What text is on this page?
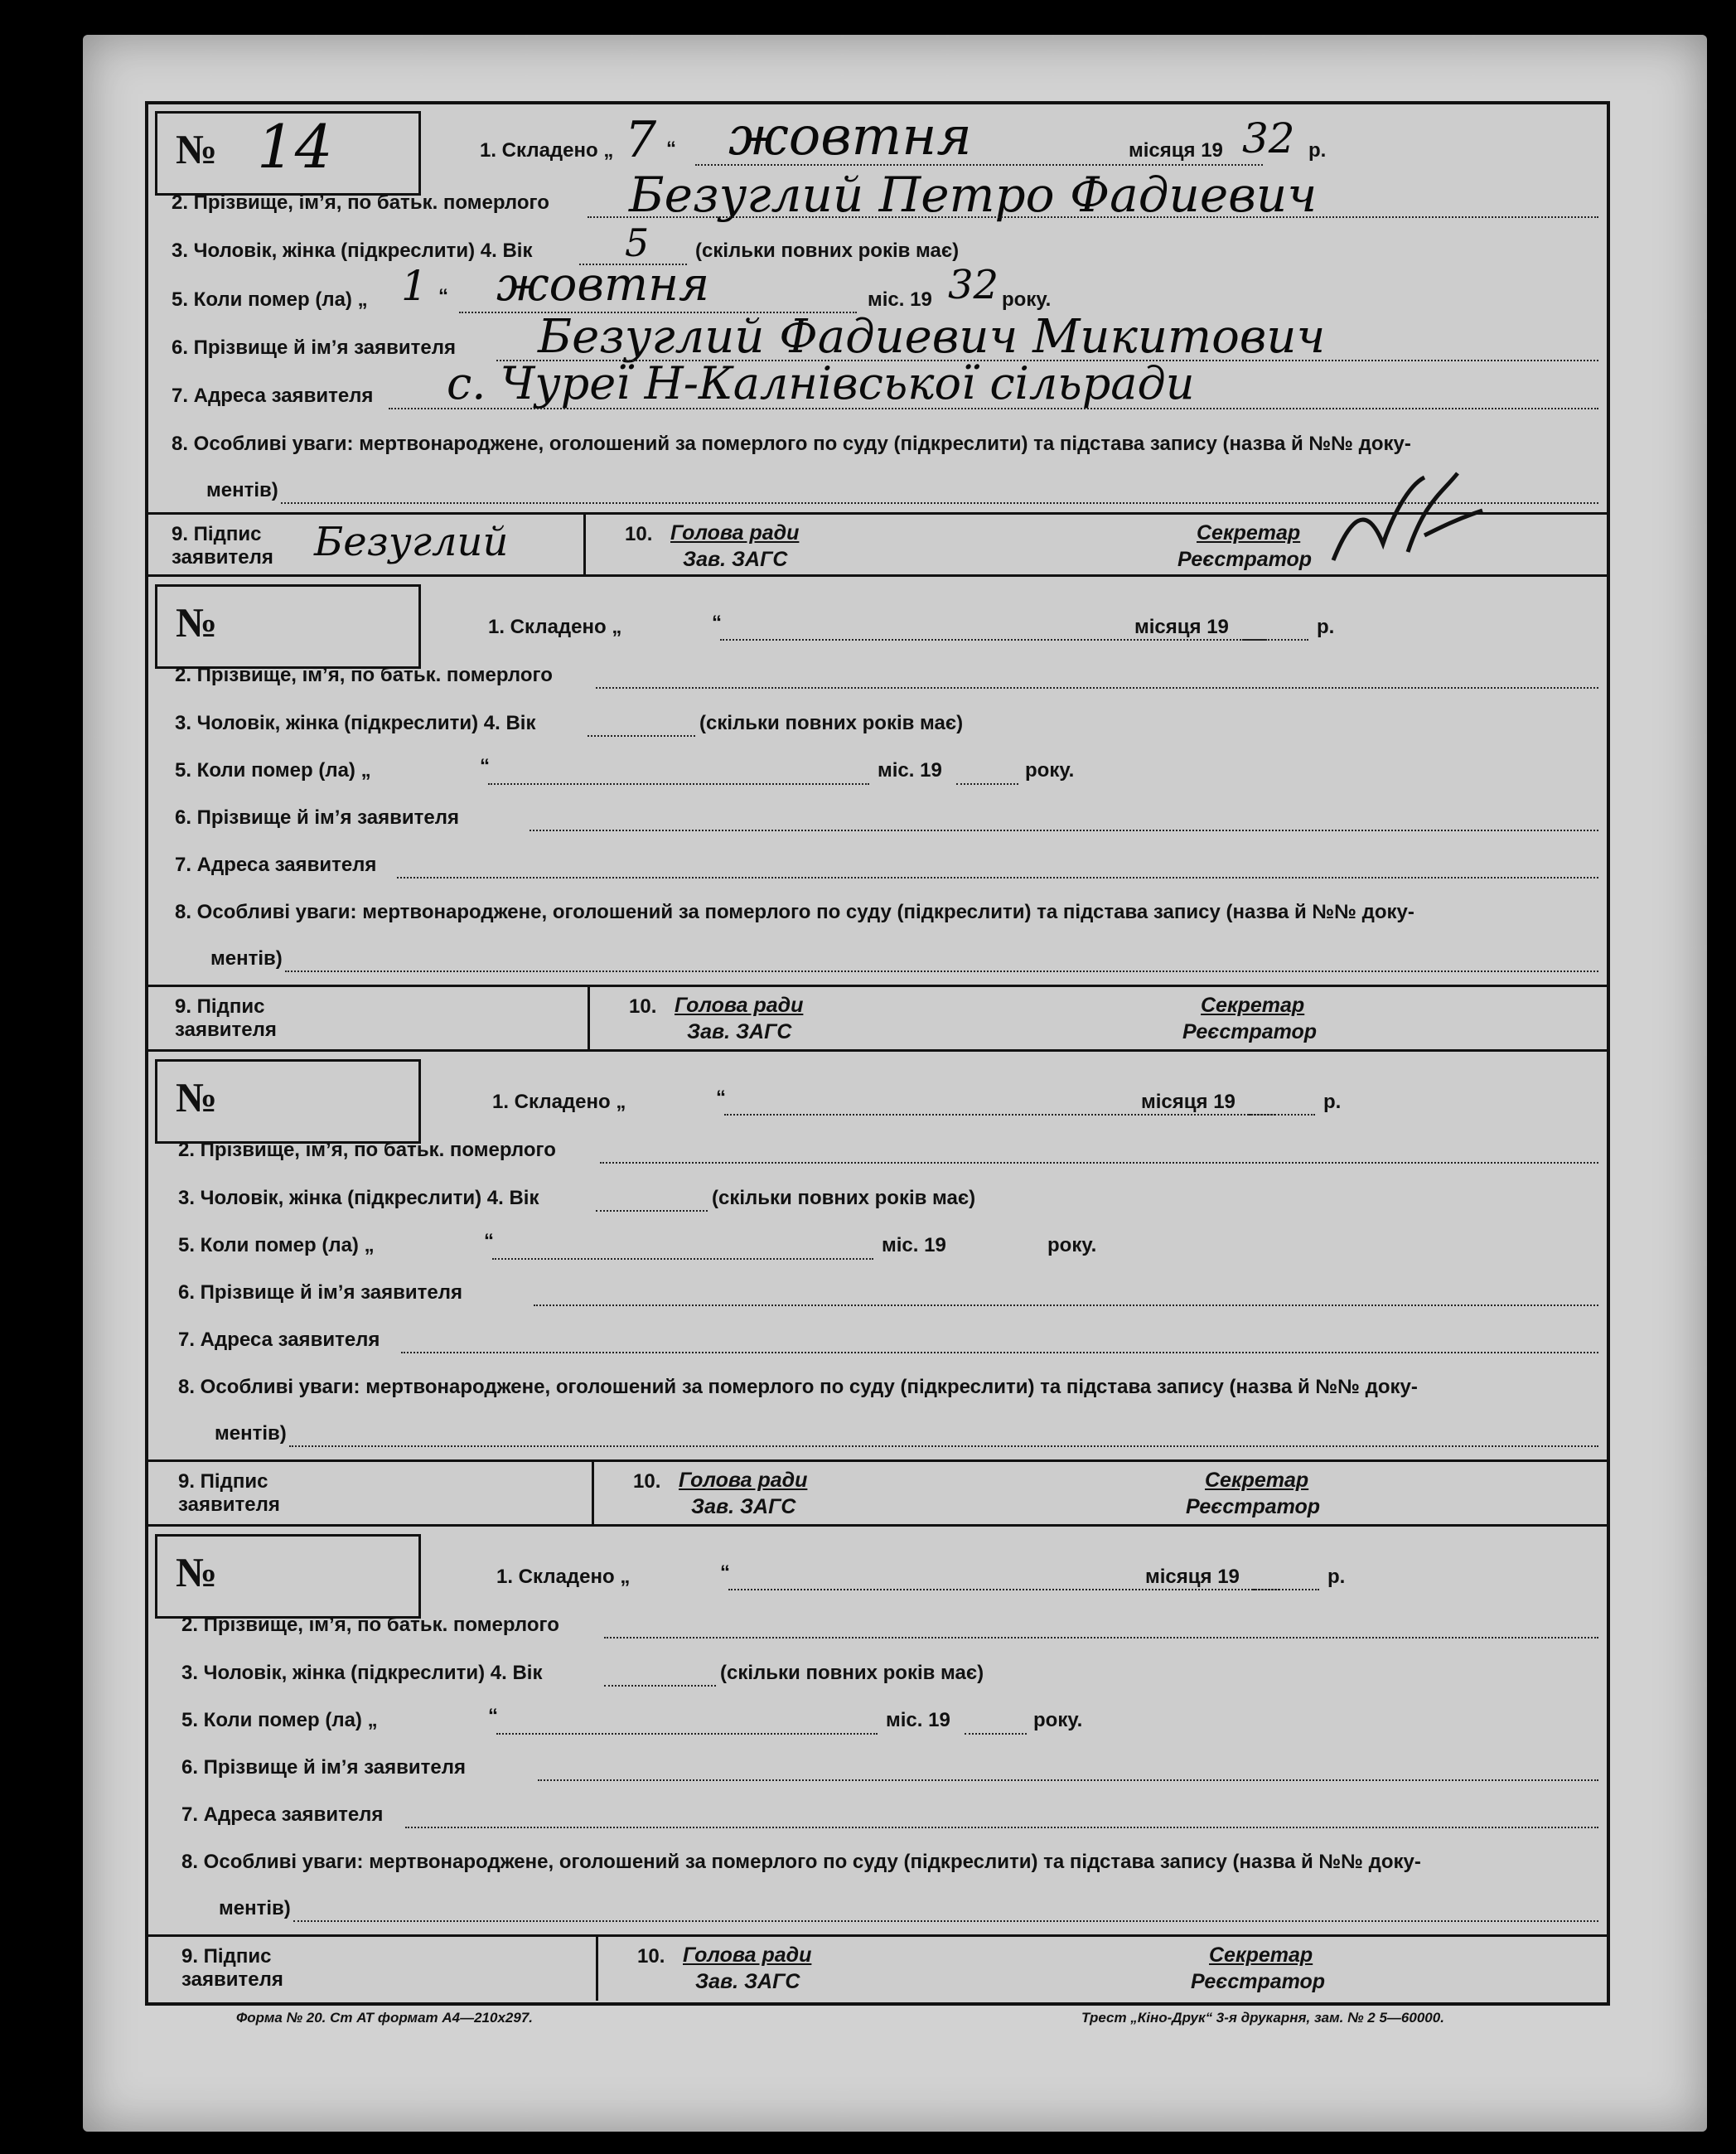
№ 14	1. Складено „ 7 “ жовтня	місяця 19 32 р.
2. Прізвище, ім’я, по батьк. померлого Безуглий Петро Фадиевич
3. Чоловік, жінка (підкреслити) 4. Вік 5 (скільки повних років має)
5. Коли помер (ла) „ 1 “ жовтня	міс. 19 32 року.
6. Прізвище й ім’я заявителя Безуглий Фадиевич Микитович
7. Адреса заявителя с. Чуреї Н-Калнівської сільради
8. Особливі уваги: мертвонароджене, оголошений за померлого по суду (підкреслити) та підстава запису (назва й №№ доку-
ментів)
9. Підпис
заявителя Безуглий	10. Голова ради
Зав. ЗАГС
Секретар
Реєстратор
№	1. Складено „	“	місяця 19	р.
2. Прізвище, ім’я, по батьк. померлого
3. Чоловік, жінка (підкреслити) 4. Вік	(скільки повних років має)
5. Коли помер (ла) „	“	міс. 19	року.
6. Прізвище й ім’я заявителя
7. Адреса заявителя
8. Особливі уваги: мертвонароджене, оголошений за померлого по суду (підкреслити) та підстава запису (назва й №№ доку-
ментів)
9. Підпис
заявителя
10. Голова ради
Зав. ЗАГС
Секретар
Реєстратор
№	1. Складено „	“	місяця 19	р.
2. Прізвище, ім’я, по батьк. померлого
3. Чоловік, жінка (підкреслити) 4. Вік	(скільки повних років має)
5. Коли помер (ла) „	“	міс. 19	року.
6. Прізвище й ім’я заявителя
7. Адреса заявителя
8. Особливі уваги: мертвонароджене, оголошений за померлого по суду (підкреслити) та підстава запису (назва й №№ доку-
ментів)
9. Підпис
заявителя
10. Голова ради
Зав. ЗАГС
Секретар
Реєстратор
№	1. Складено „	“	місяця 19	р.
2. Прізвище, ім’я, по батьк. померлого
3. Чоловік, жінка (підкреслити) 4. Вік	(скільки повних років має)
5. Коли помер (ла) „	“	міс. 19	року.
6. Прізвище й ім’я заявителя
7. Адреса заявителя
8. Особливі уваги: мертвонароджене, оголошений за померлого по суду (підкреслити) та підстава запису (назва й №№ доку-
ментів)
9. Підпис
заявителя
10. Голова ради
Зав. ЗАГС
Секретар
Реєстратор
Форма № 20. Ст АТ формат А4—210х297.	Трест „Кіно-Друк“ 3-я друкарня, зам. № 2 5—60000.
